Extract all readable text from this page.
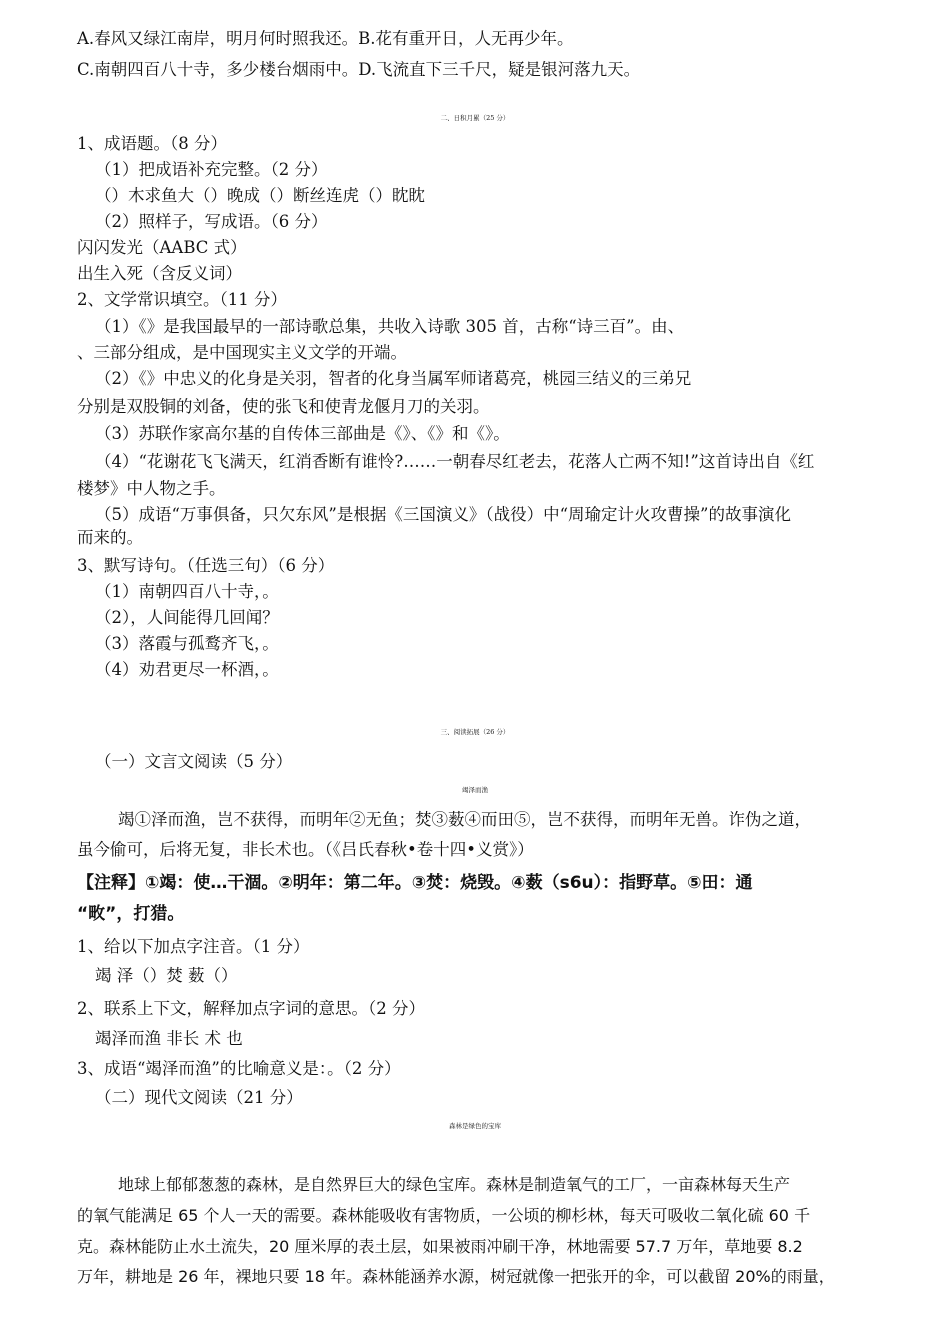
A.春风又绿江南岸，明月何时照我还。B.花有重开日，人无再少年。
C.南朝四百八十寺，多少楼台烟雨中。D.飞流直下三千尺，疑是银河落九天。
二、日积月累（25 分）
1、成语题。（8 分）
（1）把成语补充完整。（2 分）
（）木求鱼大（）晚成（）断丝连虎（）眈眈
（2）照样子，写成语。（6 分）
闪闪发光（AABC 式）
出生入死（含反义词）
2、文学常识填空。（11 分）
（1）《》是我国最早的一部诗歌总集，共收入诗歌 305 首，古称“诗三百”。由、
、三部分组成，是中国现实主义文学的开端。
（2）《》中忠义的化身是关羽，智者的化身当属军师诸葛亮，桃园三结义的三弟兄
分别是双股铜的刘备，使的张飞和使青龙偃月刀的关羽。
（3）苏联作家高尔基的自传体三部曲是《》、《》和《》。
（4）“花谢花飞飞满天，红消香断有谁怜?……一朝春尽红老去，花落人亡两不知!”这首诗出自《红
楼梦》中人物之手。
（5）成语“万事俱备，只欠东风”是根据《三国演义》（战役）中“周瑜定计火攻曹操”的故事演化
而来的。
3、默写诗句。（任选三句）（6 分）
（1）南朝四百八十寺，。
（2），人间能得几回闻？
（3）落霞与孤鹜齐飞，。
（4）劝君更尽一杯酒，。
三、阅读拓展（26 分）
（一）文言文阅读（5 分）
竭泽而渔
竭①泽而渔，岂不获得，而明年②无鱼；焚③薮④而田⑤，岂不获得，而明年无兽。诈伪之道，
虽今偷可，后将无复，非长术也。（《吕氏春秋•卷十四•义赏》）
【注释】①竭：使…干涸。②明年：第二年。③焚：烧毁。④薮（s6u）：指野草。⑤田：通
“畋”，打猎。
1、给以下加点字注音。（1 分）
竭 泽（）焚 薮（）
2、联系上下文，解释加点字词的意思。（2 分）
竭泽而渔 非长 术 也
3、成语“竭泽而渔”的比喻意义是：。（2 分）
（二）现代文阅读（21 分）
森林是绿色的宝库
地球上郁郁葱葱的森林，是自然界巨大的绿色宝库。森林是制造氧气的工厂，一亩森林每天生产
的氧气能满足 65 个人一天的需要。森林能吸收有害物质，一公顷的柳杉林，每天可吸收二氧化硫 60 千
克。森林能防止水土流失，20 厘米厚的表土层，如果被雨冲刷干净，林地需要 57.7 万年，草地要 8.2
万年，耕地是 26 年，裸地只要 18 年。森林能涵养水源，树冠就像一把张开的伞，可以截留 20%的雨量，
